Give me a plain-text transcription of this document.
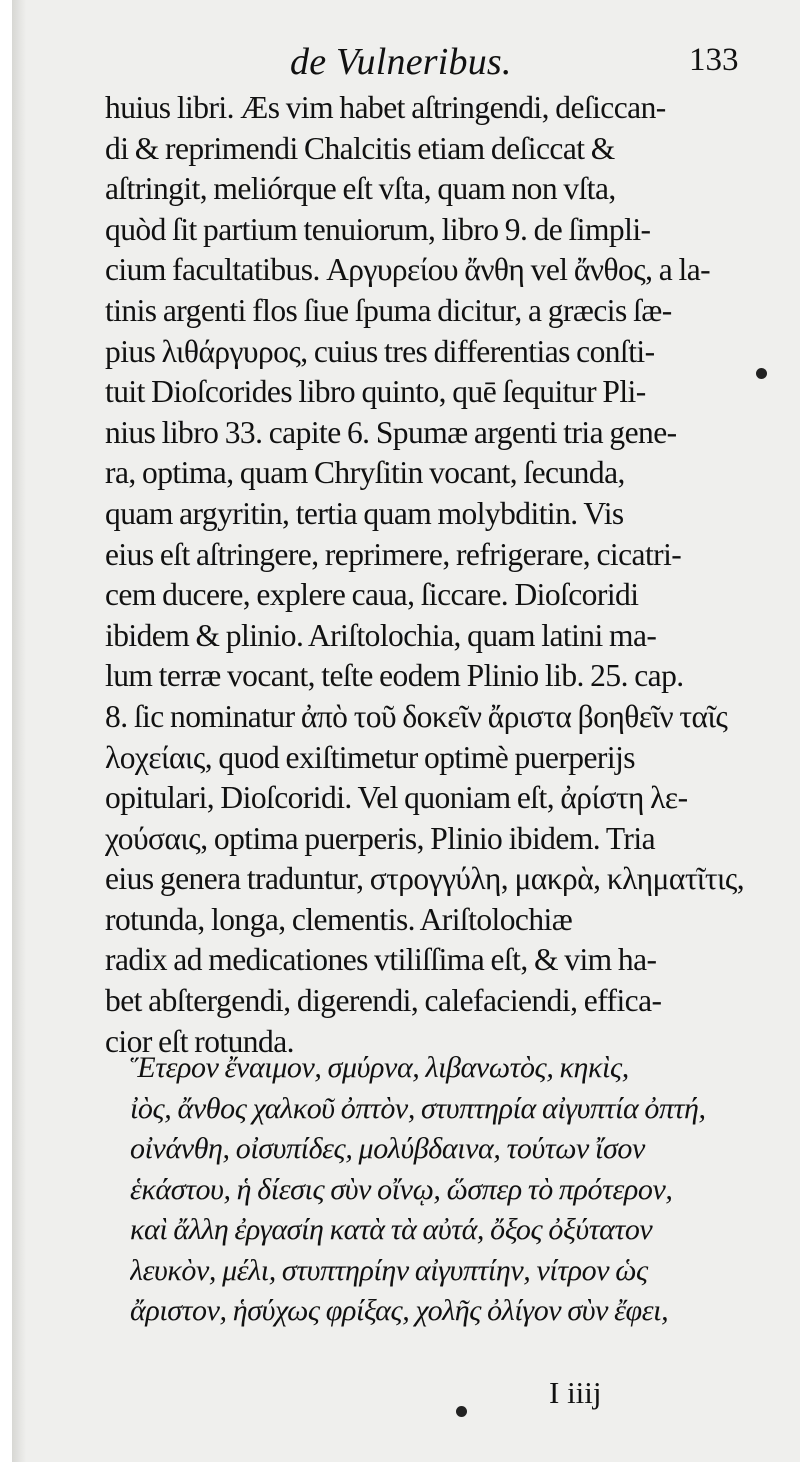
de Vulneribus.	133
huius libri. Æs vim habet aſtringendi, deſiccan-
di & reprimendi Chalcitis etiam deſiccat &
aſtringit, meliórque eſt vſta, quam non vſta,
quòd ſit partium tenuiorum, libro 9. de ſimpli-
cium facultatibus. Αργυρείου ἄνθη vel ἄνθος, a la-
tinis argenti flos ſiue ſpuma dicitur, a græcis ſæ-
pius λιθάργυρος, cuius tres differentias conſti-
tuit Dioſcorides libro quinto, quē ſequitur Pli-
nius libro 33. capite 6. Spumæ argenti tria gene-
ra, optima, quam Chryſitin vocant, ſecunda,
quam argyritin, tertia quam molybditin. Vis
eius eſt aſtringere, reprimere, refrigerare, cicatri-
cem ducere, explere caua, ſiccare. Dioſcoridi
ibidem & plinio. Ariſtolochia, quam latini ma-
lum terræ vocant, teſte eodem Plinio lib. 25. cap.
8. ſic nominatur ἀπὸ τοῦ δοκεῖν ἄριστα βοηθεῖν ταῖς
λοχείαις, quod exiſtimetur optimè puerperijs
opitulari, Dioſcoridi. Vel quoniam eſt, ἀρίστη λε-
χούσαις, optima puerperis, Plinio ibidem. Tria
eius genera traduntur, στρογγύλη, μακρὰ, κληματῖτις,
rotunda, longa, clementis. Ariſtolochiæ
radix ad medicationes vtiliſſima eſt, & vim ha-
bet abſtergendi, digerendi, calefaciendi, effica-
cior eſt rotunda.
Ἕτερον ἔναιμον, σμύρνα, λιβανωτὸς, κηκὶς,
ἰὸς, ἄνθος χαλκοῦ ὀπτὸν, στυπτηρία αἰγυπτία ὀπτή,
οἰνάνθη, οἰσυπίδες, μολύβδαινα, τούτων ἴσον
ἑκάστου, ἡ δίεσις σὺν οἴνῳ, ὥσπερ τὸ πρότερον,
καὶ ἄλλη ἐργασίη κατὰ τὰ αὐτά, ὄξος ὀξύτατον
λευκὸν, μέλι, στυπτηρίην αἰγυπτίην, νίτρον ὡς
ἄριστον, ἡσύχως φρίξας, χολῆς ὀλίγον σὺν ἔφει,
I iiij
